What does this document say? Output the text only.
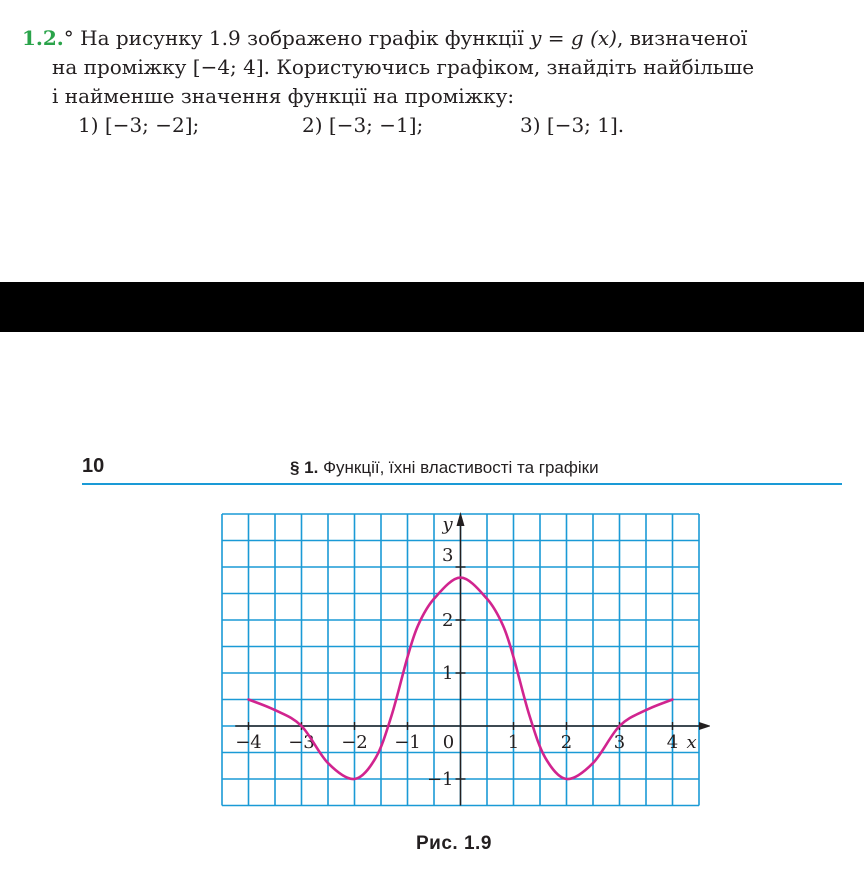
1.2.° На рисунку 1.9 зображено графік функції y = g (x), визначеної
на проміжку [−4; 4]. Користуючись графіком, знайдіть найбільше
і найменше значення функції на проміжку:
1) [−3; −2];	2) [−3; −1];	3) [−3; 1].
10	§ 1. Функції, їхні властивості та графіки
−4 −3 −2 −1 0	1 2 3 4
3
2
1
−1
x
y
Рис. 1.9
